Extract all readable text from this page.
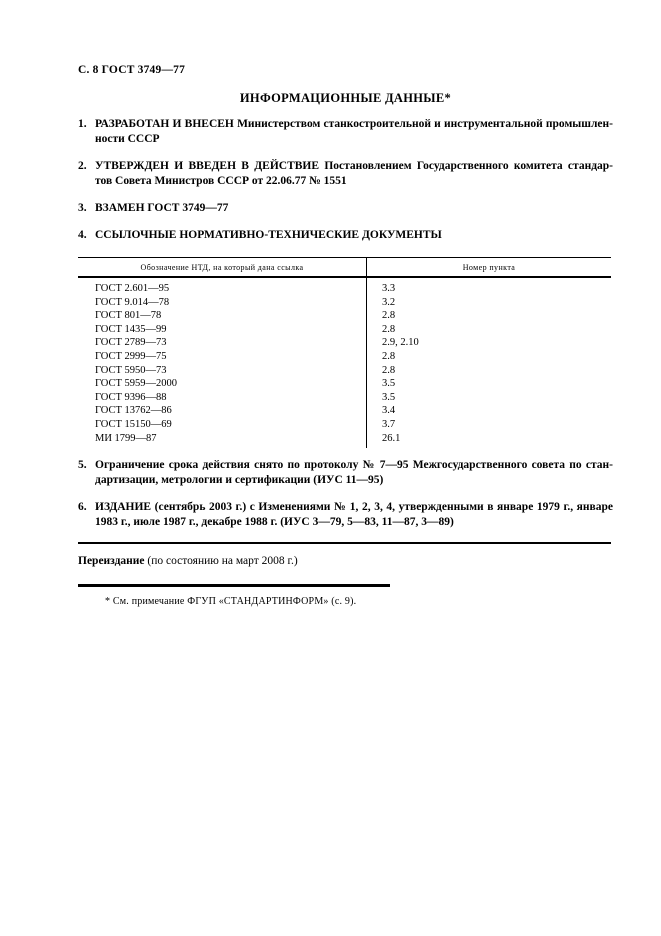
С. 8 ГОСТ 3749—77
ИНФОРМАЦИОННЫЕ ДАННЫЕ*
1. РАЗРАБОТАН И ВНЕСЕН Министерством станкостроительной и инструментальной промышлен-
ности СССР
2. УТВЕРЖДЕН И ВВЕДЕН В ДЕЙСТВИЕ Постановлением Государственного комитета стандар-
тов Совета Министров СССР от 22.06.77 № 1551
3. ВЗАМЕН ГОСТ 3749—77
4. ССЫЛОЧНЫЕ НОРМАТИВНО-ТЕХНИЧЕСКИЕ ДОКУМЕНТЫ
Обозначение НТД, на который дана ссылка	Номер пункта
ГОСТ 2.601—95	3.3
ГОСТ 9.014—78	3.2
ГОСТ 801—78	2.8
ГОСТ 1435—99	2.8
ГОСТ 2789—73	2.9, 2.10
ГОСТ 2999—75	2.8
ГОСТ 5950—73	2.8
ГОСТ 5959—2000	3.5
ГОСТ 9396—88	3.5
ГОСТ 13762—86	3.4
ГОСТ 15150—69	3.7
МИ 1799—87	26.1
5. Ограничение срока действия снято по протоколу № 7—95 Межгосударственного совета по стан-
дартизации, метрологии и сертификации (ИУС 11—95)
6. ИЗДАНИЕ (сентябрь 2003 г.) с Изменениями № 1, 2, 3, 4, утвержденными в январе 1979 г., январе
1983 г., июле 1987 г., декабре 1988 г. (ИУС 3—79, 5—83, 11—87, 3—89)
Переиздание (по состоянию на март 2008 г.)
* См. примечание ФГУП «СТАНДАРТИНФОРМ» (с. 9).
